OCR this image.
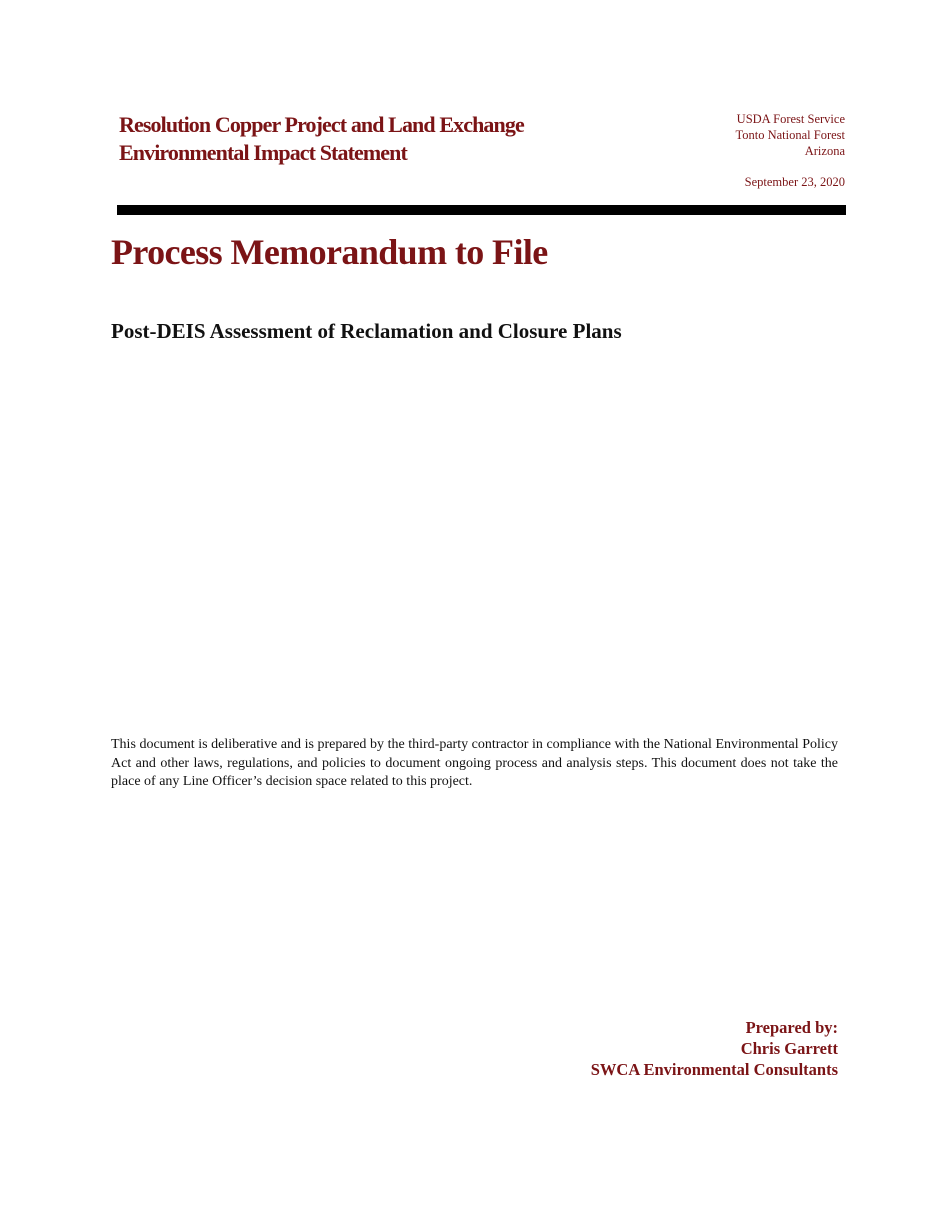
Resolution Copper Project and Land Exchange
Environmental Impact Statement
USDA Forest Service
Tonto National Forest
Arizona
September 23, 2020
Process Memorandum to File
Post-DEIS Assessment of Reclamation and Closure Plans
This document is deliberative and is prepared by the third-party contractor in compliance with the National Environmental Policy Act and other laws, regulations, and policies to document ongoing process and analysis steps. This document does not take the place of any Line Officer’s decision space related to this project.
Prepared by:
Chris Garrett
SWCA Environmental Consultants
